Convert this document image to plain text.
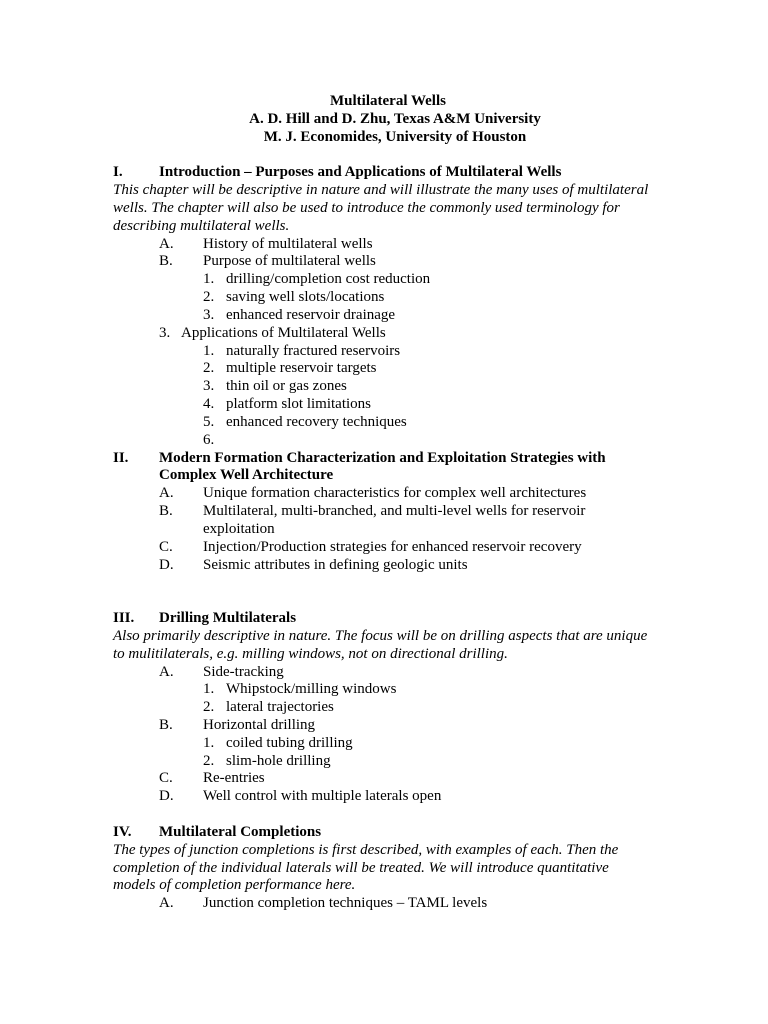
Multilateral Wells
A. D. Hill and D. Zhu, Texas A&M University
M. J. Economides, University of Houston
I. Introduction – Purposes and Applications of Multilateral Wells
This chapter will be descriptive in nature and will illustrate the many uses of multilateral
wells. The chapter will also be used to introduce the commonly used terminology for
describing multilateral wells.
A. History of multilateral wells
B. Purpose of multilateral wells
1. drilling/completion cost reduction
2. saving well slots/locations
3. enhanced reservoir drainage
3. Applications of Multilateral Wells
1. naturally fractured reservoirs
2. multiple reservoir targets
3. thin oil or gas zones
4. platform slot limitations
5. enhanced recovery techniques
6.
II. Modern Formation Characterization and Exploitation Strategies with
Complex Well Architecture
A. Unique formation characteristics for complex well architectures
B. Multilateral, multi-branched, and multi-level wells for reservoir
exploitation
C. Injection/Production strategies for enhanced reservoir recovery
D. Seismic attributes in defining geologic units
III. Drilling Multilaterals
Also primarily descriptive in nature. The focus will be on drilling aspects that are unique
to mulitilaterals, e.g. milling windows, not on directional drilling.
A. Side-tracking
1. Whipstock/milling windows
2. lateral trajectories
B. Horizontal drilling
1. coiled tubing drilling
2. slim-hole drilling
C. Re-entries
D. Well control with multiple laterals open
IV. Multilateral Completions
The types of junction completions is first described, with examples of each. Then the
completion of the individual laterals will be treated. We will introduce quantitative
models of completion performance here.
A. Junction completion techniques – TAML levels
